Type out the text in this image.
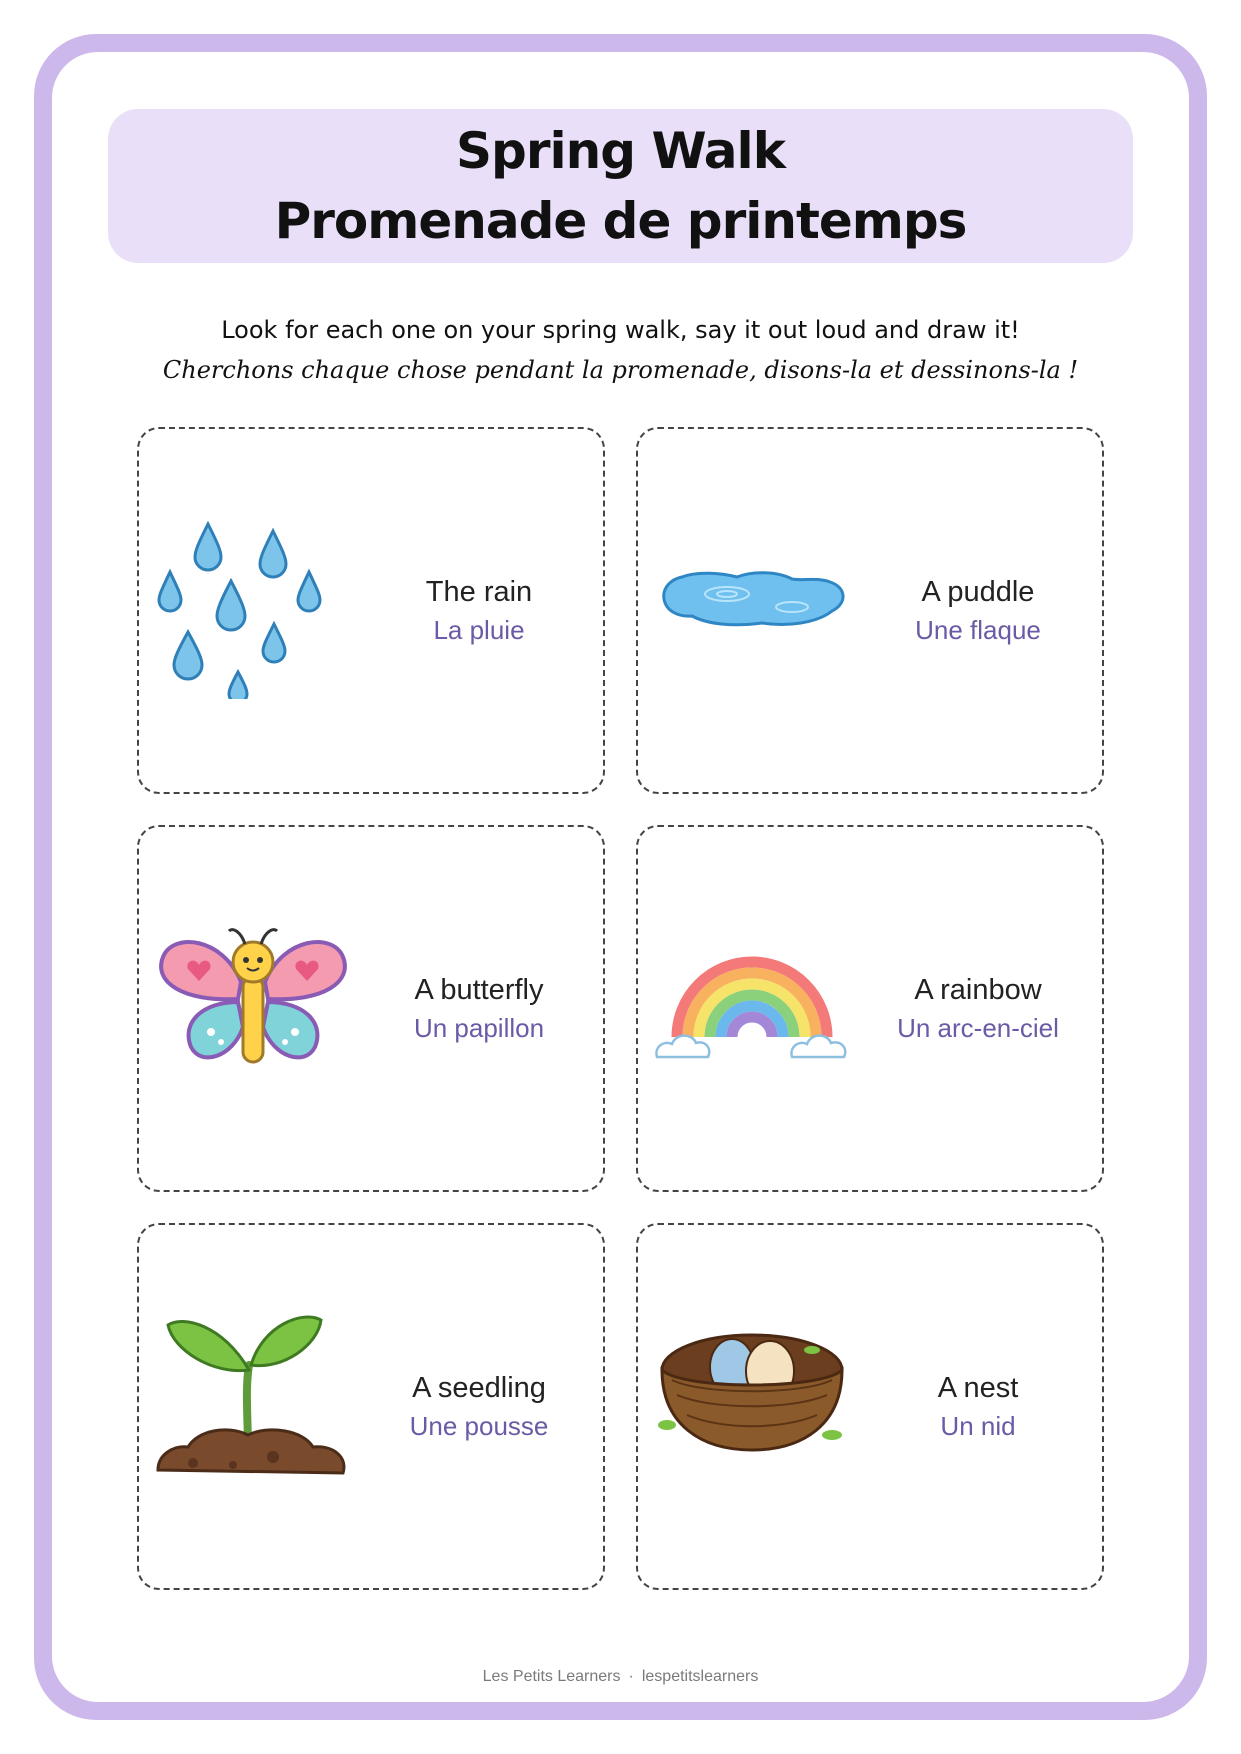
Spring Walk
Promenade de printemps
Look for each one on your spring walk, say it out loud and draw it!
Cherchons chaque chose pendant la promenade, disons-la et dessinons-la !
The rain
La pluie
A puddle
Une flaque
A butterfly
Un papillon
A rainbow
Un arc-en-ciel
A seedling
Une pousse
A nest
Un nid
Les Petits Learners · lespetitslearners
